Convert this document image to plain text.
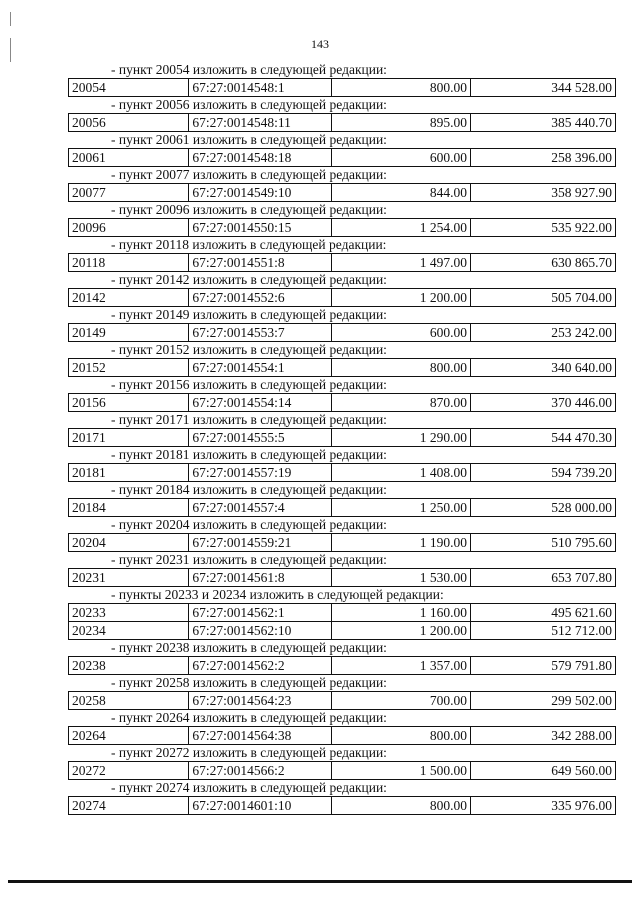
143
- пункт 20054 изложить в следующей редакции:
20054	67:27:0014548:1	800.00	344 528.00
- пункт 20056 изложить в следующей редакции:
20056	67:27:0014548:11	895.00	385 440.70
- пункт 20061 изложить в следующей редакции:
20061	67:27:0014548:18	600.00	258 396.00
- пункт 20077 изложить в следующей редакции:
20077	67:27:0014549:10	844.00	358 927.90
- пункт 20096 изложить в следующей редакции:
20096	67:27:0014550:15	1 254.00	535 922.00
- пункт 20118 изложить в следующей редакции:
20118	67:27:0014551:8	1 497.00	630 865.70
- пункт 20142 изложить в следующей редакции:
20142	67:27:0014552:6	1 200.00	505 704.00
- пункт 20149 изложить в следующей редакции:
20149	67:27:0014553:7	600.00	253 242.00
- пункт 20152 изложить в следующей редакции:
20152	67:27:0014554:1	800.00	340 640.00
- пункт 20156 изложить в следующей редакции:
20156	67:27:0014554:14	870.00	370 446.00
- пункт 20171 изложить в следующей редакции:
20171	67:27:0014555:5	1 290.00	544 470.30
- пункт 20181 изложить в следующей редакции:
20181	67:27:0014557:19	1 408.00	594 739.20
- пункт 20184 изложить в следующей редакции:
20184	67:27:0014557:4	1 250.00	528 000.00
- пункт 20204 изложить в следующей редакции:
20204	67:27:0014559:21	1 190.00	510 795.60
- пункт 20231 изложить в следующей редакции:
20231	67:27:0014561:8	1 530.00	653 707.80
- пункты 20233 и 20234 изложить в следующей редакции:
20233	67:27:0014562:1	1 160.00	495 621.60
20234	67:27:0014562:10	1 200.00	512 712.00
- пункт 20238 изложить в следующей редакции:
20238	67:27:0014562:2	1 357.00	579 791.80
- пункт 20258 изложить в следующей редакции:
20258	67:27:0014564:23	700.00	299 502.00
- пункт 20264 изложить в следующей редакции:
20264	67:27:0014564:38	800.00	342 288.00
- пункт 20272 изложить в следующей редакции:
20272	67:27:0014566:2	1 500.00	649 560.00
- пункт 20274 изложить в следующей редакции:
20274	67:27:0014601:10	800.00	335 976.00
